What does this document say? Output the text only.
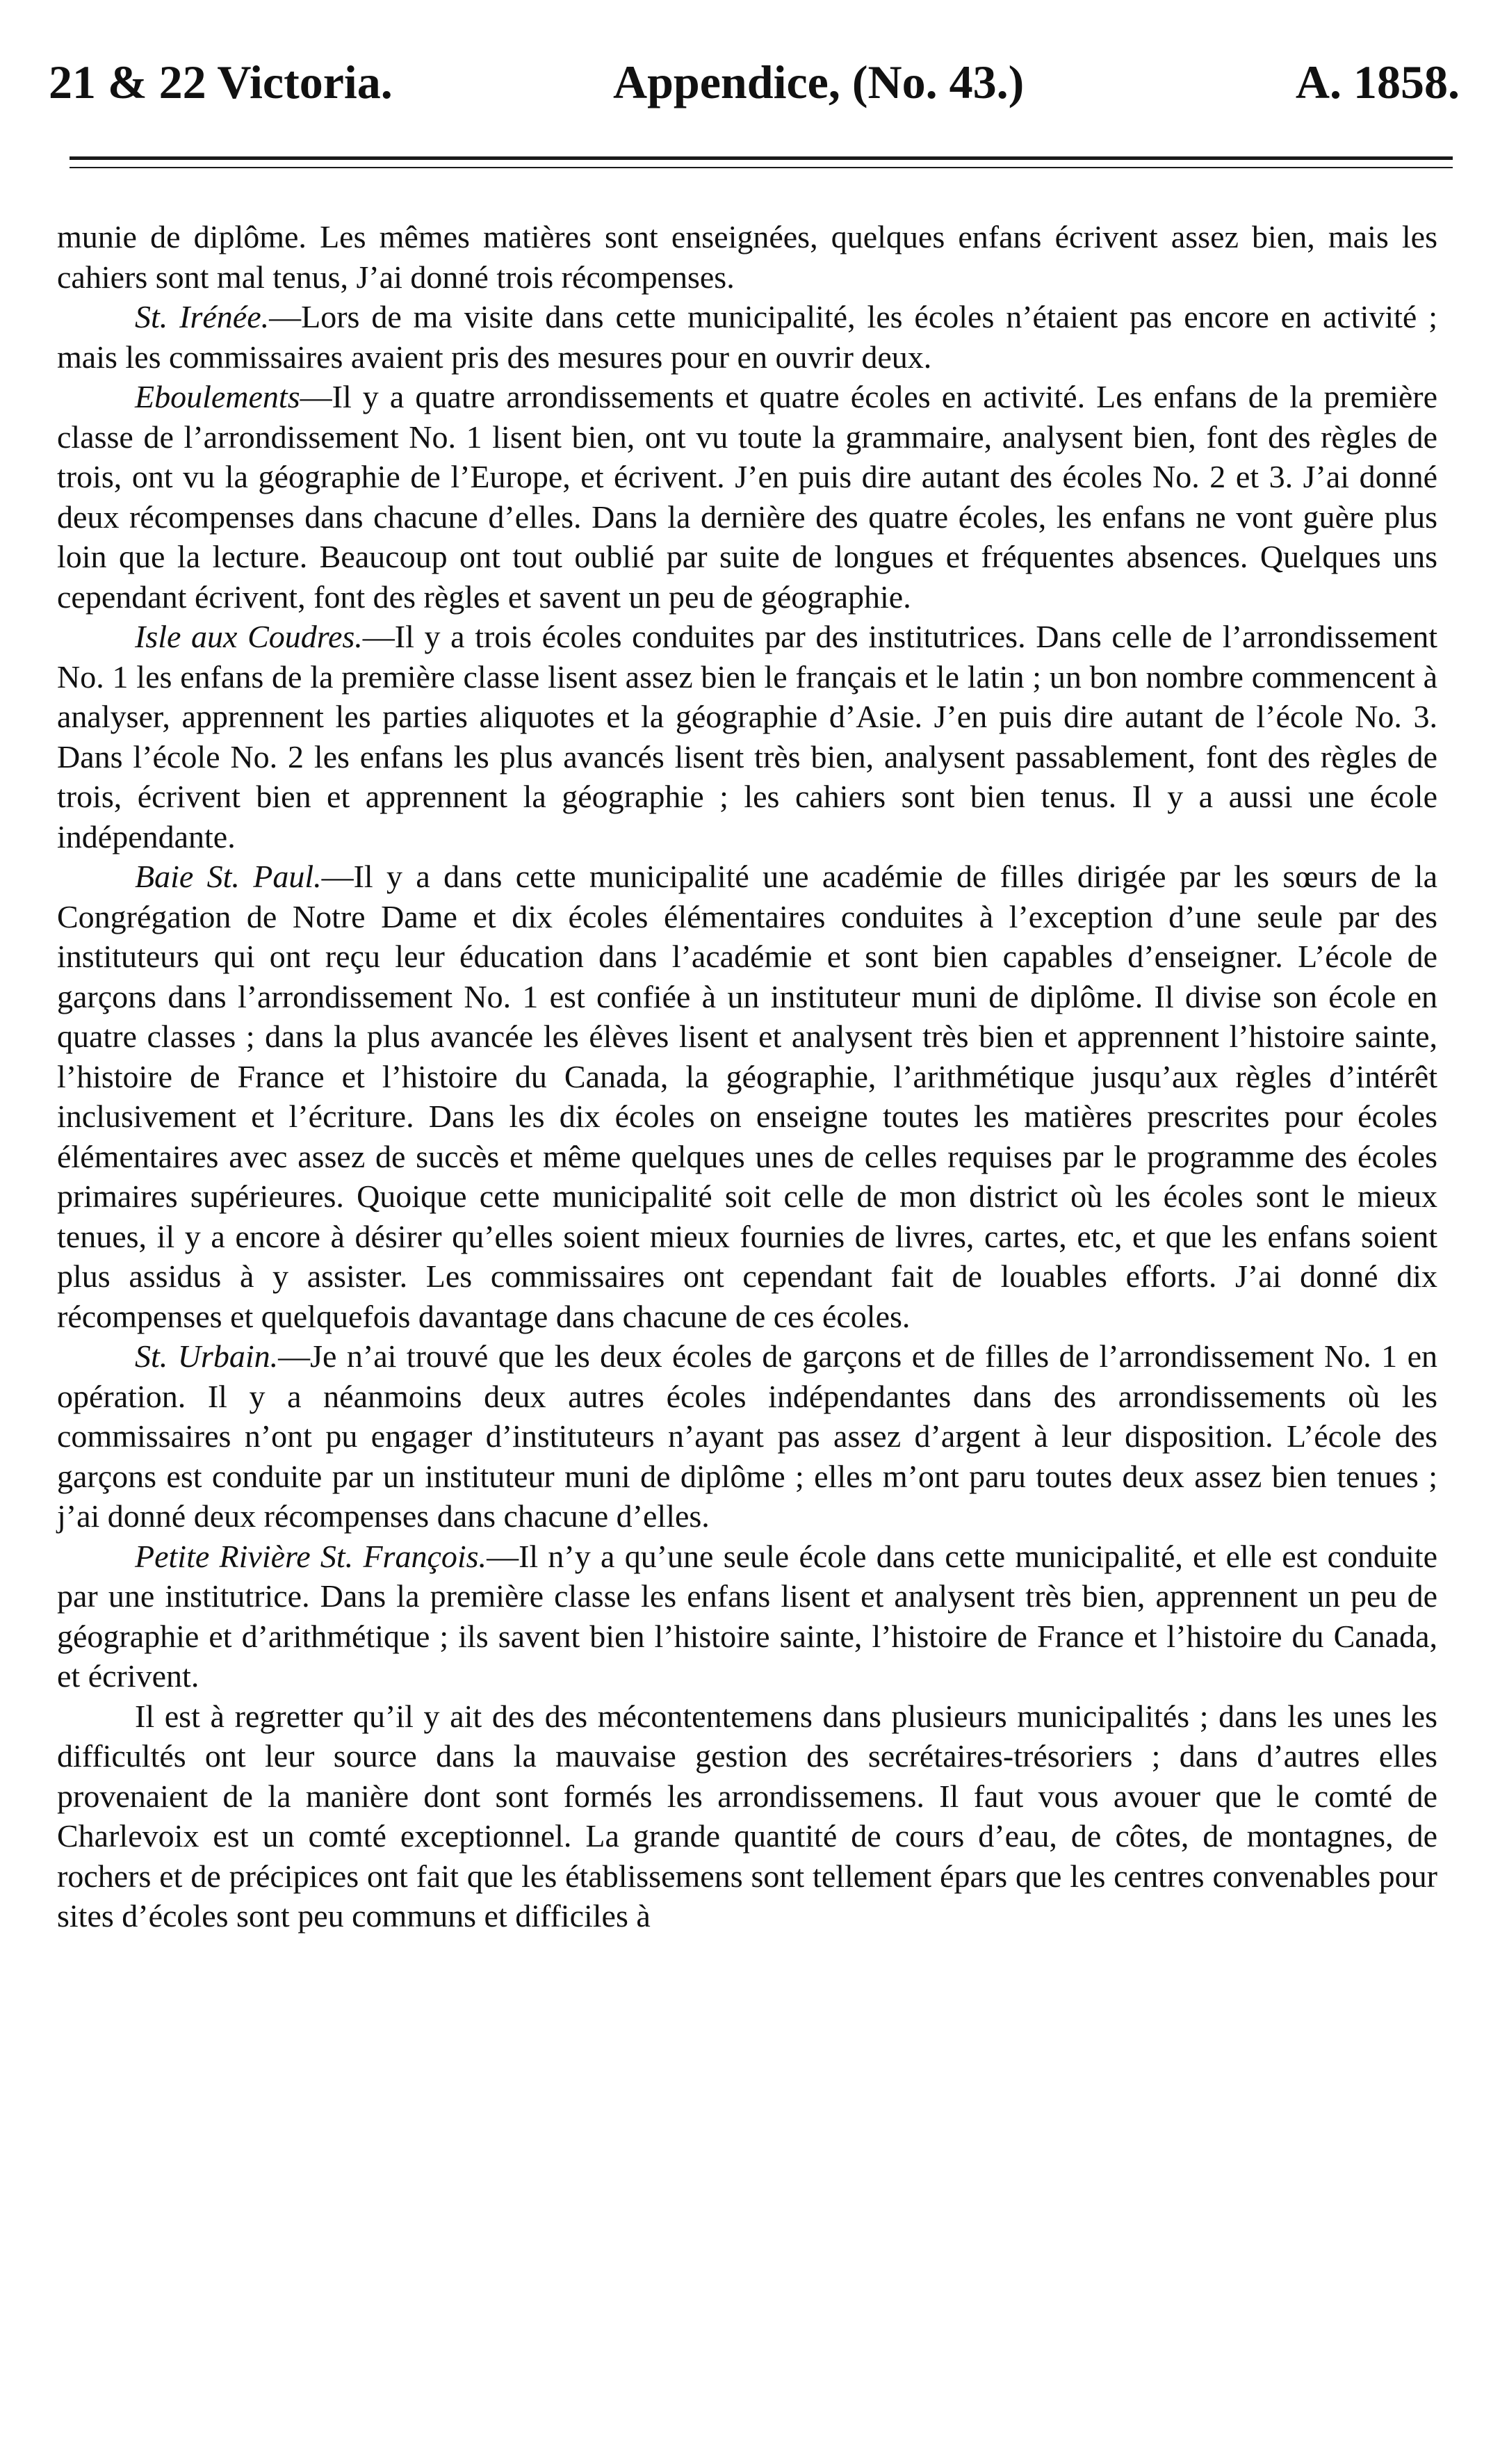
21 & 22 Victoria.	Appendice, (No. 43.)	A. 1858.

munie de diplôme. Les mêmes matières sont enseignées, quelques enfans écrivent assez bien, mais les cahiers sont mal tenus, J’ai donné trois récompenses.

St. Irénée.—Lors de ma visite dans cette municipalité, les écoles n’étaient pas encore en activité ; mais les commissaires avaient pris des mesures pour en ouvrir deux.

Eboulements—Il y a quatre arrondissements et quatre écoles en activité. Les enfans de la première classe de l’arrondissement No. 1 lisent bien, ont vu toute la grammaire, analysent bien, font des règles de trois, ont vu la géographie de l’Europe, et écrivent. J’en puis dire autant des écoles No. 2 et 3. J’ai donné deux récompenses dans chacune d’elles. Dans la dernière des quatre écoles, les enfans ne vont guère plus loin que la lecture. Beaucoup ont tout oublié par suite de longues et fréquentes absences. Quelques uns cependant écrivent, font des règles et savent un peu de géographie.

Isle aux Coudres.—Il y a trois écoles conduites par des institutrices. Dans celle de l’arrondissement No. 1 les enfans de la première classe lisent assez bien le français et le latin ; un bon nombre commencent à analyser, apprennent les parties aliquotes et la géographie d’Asie. J’en puis dire autant de l’école No. 3. Dans l’école No. 2 les enfans les plus avancés lisent très bien, analysent passablement, font des règles de trois, écrivent bien et apprennent la géographie ; les cahiers sont bien tenus. Il y a aussi une école indépendante.

Baie St. Paul.—Il y a dans cette municipalité une académie de filles dirigée par les sœurs de la Congrégation de Notre Dame et dix écoles élémentaires conduites à l’exception d’une seule par des instituteurs qui ont reçu leur éducation dans l’académie et sont bien capables d’enseigner. L’école de garçons dans l’arrondissement No. 1 est confiée à un instituteur muni de diplôme. Il divise son école en quatre classes ; dans la plus avancée les élèves lisent et analysent très bien et apprennent l’histoire sainte, l’histoire de France et l’histoire du Canada, la géographie, l’arithmétique jusqu’aux règles d’intérêt inclusivement et l’écriture. Dans les dix écoles on enseigne toutes les matières prescrites pour écoles élémentaires avec assez de succès et même quelques unes de celles requises par le programme des écoles primaires supérieures. Quoique cette municipalité soit celle de mon district où les écoles sont le mieux tenues, il y a encore à désirer qu’elles soient mieux fournies de livres, cartes, etc, et que les enfans soient plus assidus à y assister. Les commissaires ont cependant fait de louables efforts. J’ai donné dix récompenses et quelquefois davantage dans chacune de ces écoles.

St. Urbain.—Je n’ai trouvé que les deux écoles de garçons et de filles de l’arrondissement No. 1 en opération. Il y a néanmoins deux autres écoles indépendantes dans des arrondissements où les commissaires n’ont pu engager d’instituteurs n’ayant pas assez d’argent à leur disposition. L’école des garçons est conduite par un instituteur muni de diplôme ; elles m’ont paru toutes deux assez bien tenues ; j’ai donné deux récompenses dans chacune d’elles.

Petite Rivière St. François.—Il n’y a qu’une seule école dans cette municipalité, et elle est conduite par une institutrice. Dans la première classe les enfans lisent et analysent très bien, apprennent un peu de géographie et d’arithmétique ; ils savent bien l’histoire sainte, l’histoire de France et l’histoire du Canada, et écrivent.

Il est à regretter qu’il y ait des des mécontentemens dans plusieurs municipalités ; dans les unes les difficultés ont leur source dans la mauvaise gestion des secrétaires-trésoriers ; dans d’autres elles provenaient de la manière dont sont formés les arrondissemens. Il faut vous avouer que le comté de Charlevoix est un comté exceptionnel. La grande quantité de cours d’eau, de côtes, de montagnes, de rochers et de précipices ont fait que les établissemens sont tellement épars que les centres convenables pour sites d’écoles sont peu communs et difficiles à
